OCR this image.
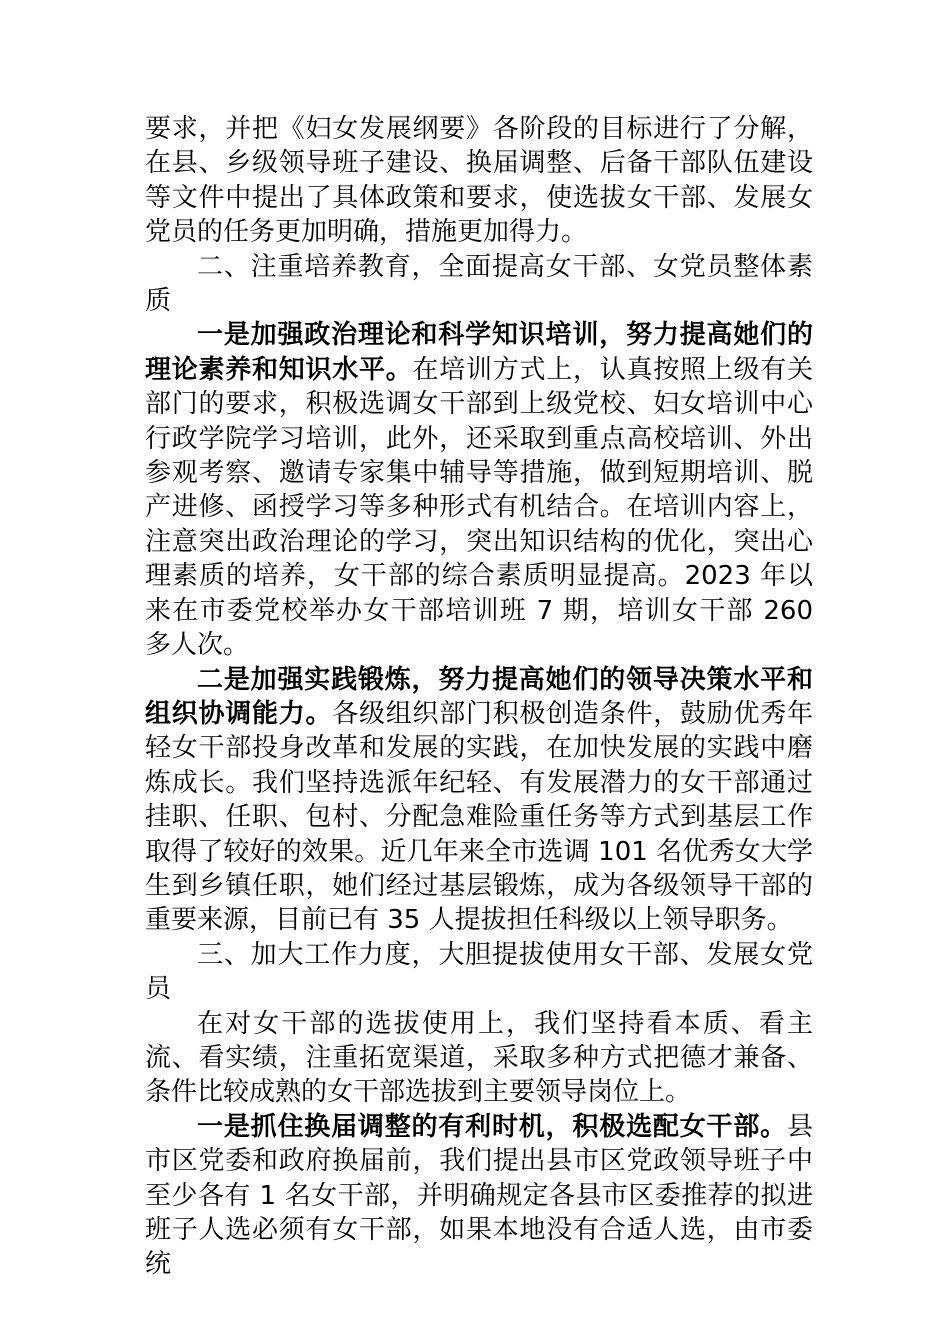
要求，并把《妇女发展纲要》各阶段的目标进行了分解，在县、乡级领导班子建设、换届调整、后备干部队伍建设等文件中提出了具体政策和要求，使选拔女干部、发展女党员的任务更加明确，措施更加得力。

二、注重培养教育，全面提高女干部、女党员整体素质

一是加强政治理论和科学知识培训，努力提高她们的理论素养和知识水平。在培训方式上，认真按照上级有关部门的要求，积极选调女干部到上级党校、妇女培训中心行政学院学习培训，此外，还采取到重点高校培训、外出参观考察、邀请专家集中辅导等措施，做到短期培训、脱产进修、函授学习等多种形式有机结合。在培训内容上，注意突出政治理论的学习，突出知识结构的优化，突出心理素质的培养，女干部的综合素质明显提高。2023 年以来在市委党校举办女干部培训班 7 期，培训女干部 260 多人次。

二是加强实践锻炼，努力提高她们的领导决策水平和组织协调能力。各级组织部门积极创造条件，鼓励优秀年轻女干部投身改革和发展的实践，在加快发展的实践中磨炼成长。我们坚持选派年纪轻、有发展潜力的女干部通过挂职、任职、包村、分配急难险重任务等方式到基层工作取得了较好的效果。近几年来全市选调 101 名优秀女大学生到乡镇任职，她们经过基层锻炼，成为各级领导干部的重要来源，目前已有 35 人提拔担任科级以上领导职务。

三、加大工作力度，大胆提拔使用女干部、发展女党员

在对女干部的选拔使用上，我们坚持看本质、看主流、看实绩，注重拓宽渠道，采取多种方式把德才兼备、条件比较成熟的女干部选拔到主要领导岗位上。

一是抓住换届调整的有利时机，积极选配女干部。县市区党委和政府换届前，我们提出县市区党政领导班子中至少各有 1 名女干部，并明确规定各县市区委推荐的拟进班子人选必须有女干部，如果本地没有合适人选，由市委统
